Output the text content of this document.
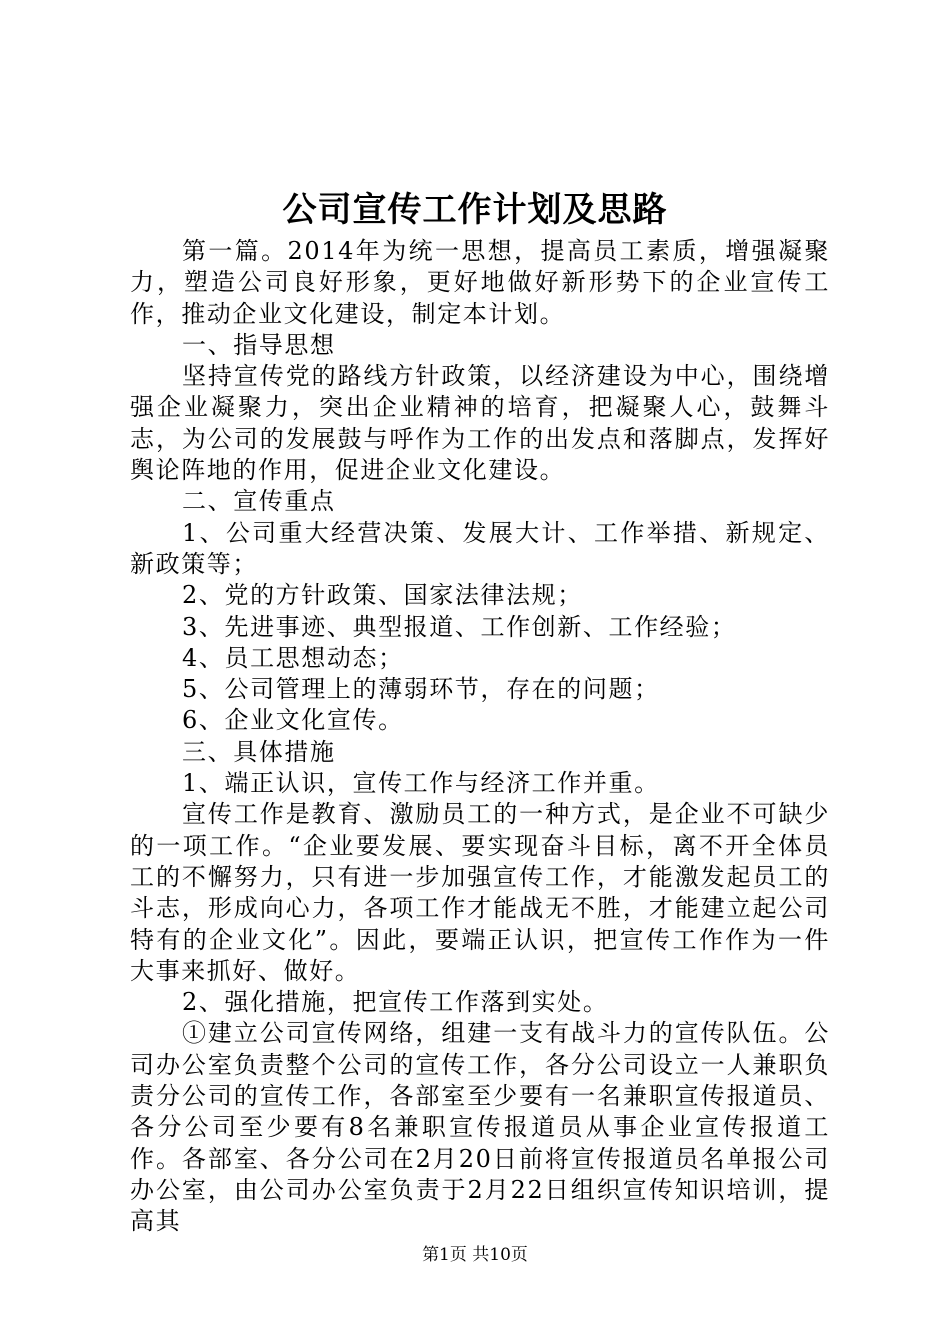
公司宣传工作计划及思路

第一篇。2014年为统一思想，提高员工素质，增强凝聚力，塑造公司良好形象，更好地做好新形势下的企业宣传工作，推动企业文化建设，制定本计划。

一、指导思想

坚持宣传党的路线方针政策，以经济建设为中心，围绕增强企业凝聚力，突出企业精神的培育，把凝聚人心，鼓舞斗志，为公司的发展鼓与呼作为工作的出发点和落脚点，发挥好舆论阵地的作用，促进企业文化建设。

二、宣传重点

1、公司重大经营决策、发展大计、工作举措、新规定、新政策等；

2、党的方针政策、国家法律法规；

3、先进事迹、典型报道、工作创新、工作经验；

4、员工思想动态；

5、公司管理上的薄弱环节，存在的问题；

6、企业文化宣传。

三、具体措施

1、端正认识，宣传工作与经济工作并重。

宣传工作是教育、激励员工的一种方式，是企业不可缺少的一项工作。“企业要发展、要实现奋斗目标，离不开全体员工的不懈努力，只有进一步加强宣传工作，才能激发起员工的斗志，形成向心力，各项工作才能战无不胜，才能建立起公司特有的企业文化”。因此，要端正认识，把宣传工作作为一件大事来抓好、做好。

2、强化措施，把宣传工作落到实处。

①建立公司宣传网络，组建一支有战斗力的宣传队伍。公司办公室负责整个公司的宣传工作，各分公司设立一人兼职负责分公司的宣传工作，各部室至少要有一名兼职宣传报道员、各分公司至少要有8名兼职宣传报道员从事企业宣传报道工作。各部室、各分公司在2月20日前将宣传报道员名单报公司办公室，由公司办公室负责于2月22日组织宣传知识培训，提高其

第1页 共10页
